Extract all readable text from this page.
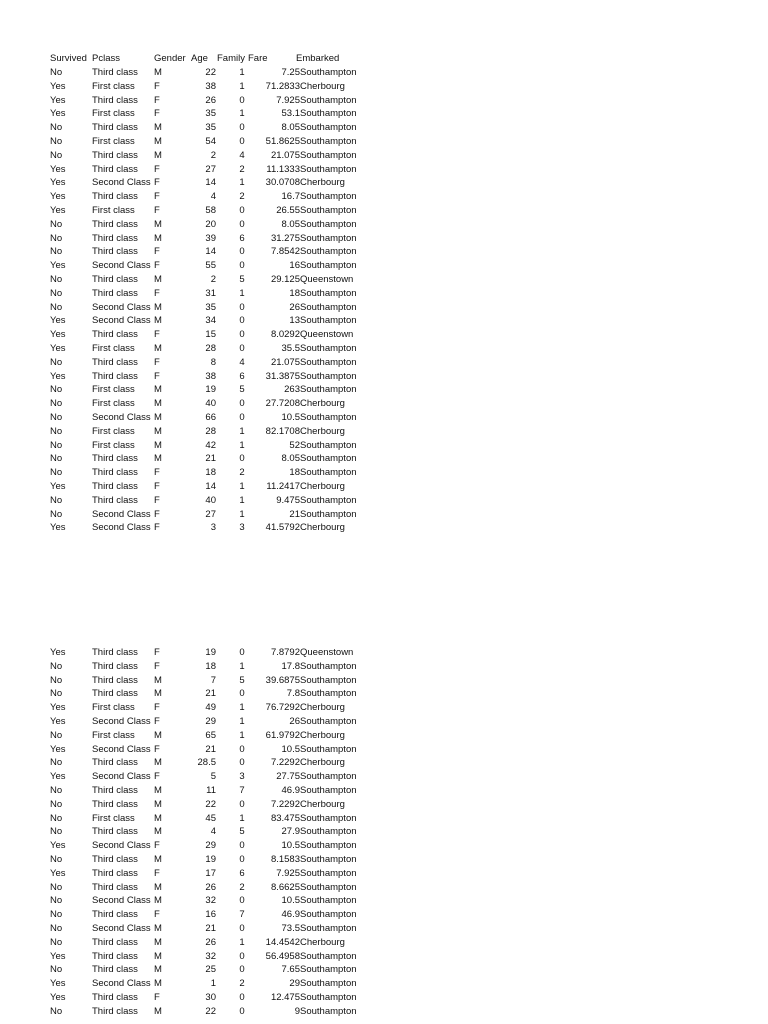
Survived Pclass	Gender Age Family Fare	Embarked
No	Third class M	22	1	7.25 Southampton
Yes	First class F	38	1	71.2833 Cherbourg
Yes	Third class F	26	0	7.925 Southampton
Yes	First class F	35	1	53.1 Southampton
No	Third class M	35	0	8.05 Southampton
No	First class M	54	0	51.8625 Southampton
No	Third class M	2	4	21.075 Southampton
Yes	Third class F	27	2	11.1333 Southampton
Yes	Second Class F	14	1	30.0708 Cherbourg
Yes	Third class F	4	2	16.7 Southampton
Yes	First class F	58	0	26.55 Southampton
No	Third class M	20	0	8.05 Southampton
No	Third class M	39	6	31.275 Southampton
No	Third class F	14	0	7.8542 Southampton
Yes	Second Class F	55	0	16 Southampton
No	Third class M	2	5	29.125 Queenstown
No	Third class F	31	1	18 Southampton
No	Second Class M	35	0	26 Southampton
Yes	Second Class M	34	0	13 Southampton
Yes	Third class F	15	0	8.0292 Queenstown
Yes	First class M	28	0	35.5 Southampton
No	Third class F	8	4	21.075 Southampton
Yes	Third class F	38	6	31.3875 Southampton
No	First class M	19	5	263 Southampton
No	First class M	40	0	27.7208 Cherbourg
No	Second Class M	66	0	10.5 Southampton
No	First class M	28	1	82.1708 Cherbourg
No	First class M	42	1	52 Southampton
No	Third class M	21	0	8.05 Southampton
No	Third class F	18	2	18 Southampton
Yes	Third class F	14	1	11.2417 Cherbourg
No	Third class F	40	1	9.475 Southampton
No	Second Class F	27	1	21 Southampton
Yes	Second Class F	3	3	41.5792 Cherbourg
Yes	Third class F	19	0	7.8792 Queenstown
No	Third class F	18	1	17.8 Southampton
No	Third class M	7	5	39.6875 Southampton
No	Third class M	21	0	7.8 Southampton
Yes	First class F	49	1	76.7292 Cherbourg
Yes	Second Class F	29	1	26 Southampton
No	First class M	65	1	61.9792 Cherbourg
Yes	Second Class F	21	0	10.5 Southampton
No	Third class M	28.5	0	7.2292 Cherbourg
Yes	Second Class F	5	3	27.75 Southampton
No	Third class M	11	7	46.9 Southampton
No	Third class M	22	0	7.2292 Cherbourg
No	First class M	45	1	83.475 Southampton
No	Third class M	4	5	27.9 Southampton
Yes	Second Class F	29	0	10.5 Southampton
No	Third class M	19	0	8.1583 Southampton
Yes	Third class F	17	6	7.925 Southampton
No	Third class M	26	2	8.6625 Southampton
No	Second Class M	32	0	10.5 Southampton
No	Third class F	16	7	46.9 Southampton
No	Second Class M	21	0	73.5 Southampton
No	Third class M	26	1	14.4542 Cherbourg
Yes	Third class M	32	0	56.4958 Southampton
No	Third class M	25	0	7.65 Southampton
Yes	Second Class M	1	2	29 Southampton
Yes	Third class F	30	0	12.475 Southampton
No	Third class M	22	0	9 Southampton
